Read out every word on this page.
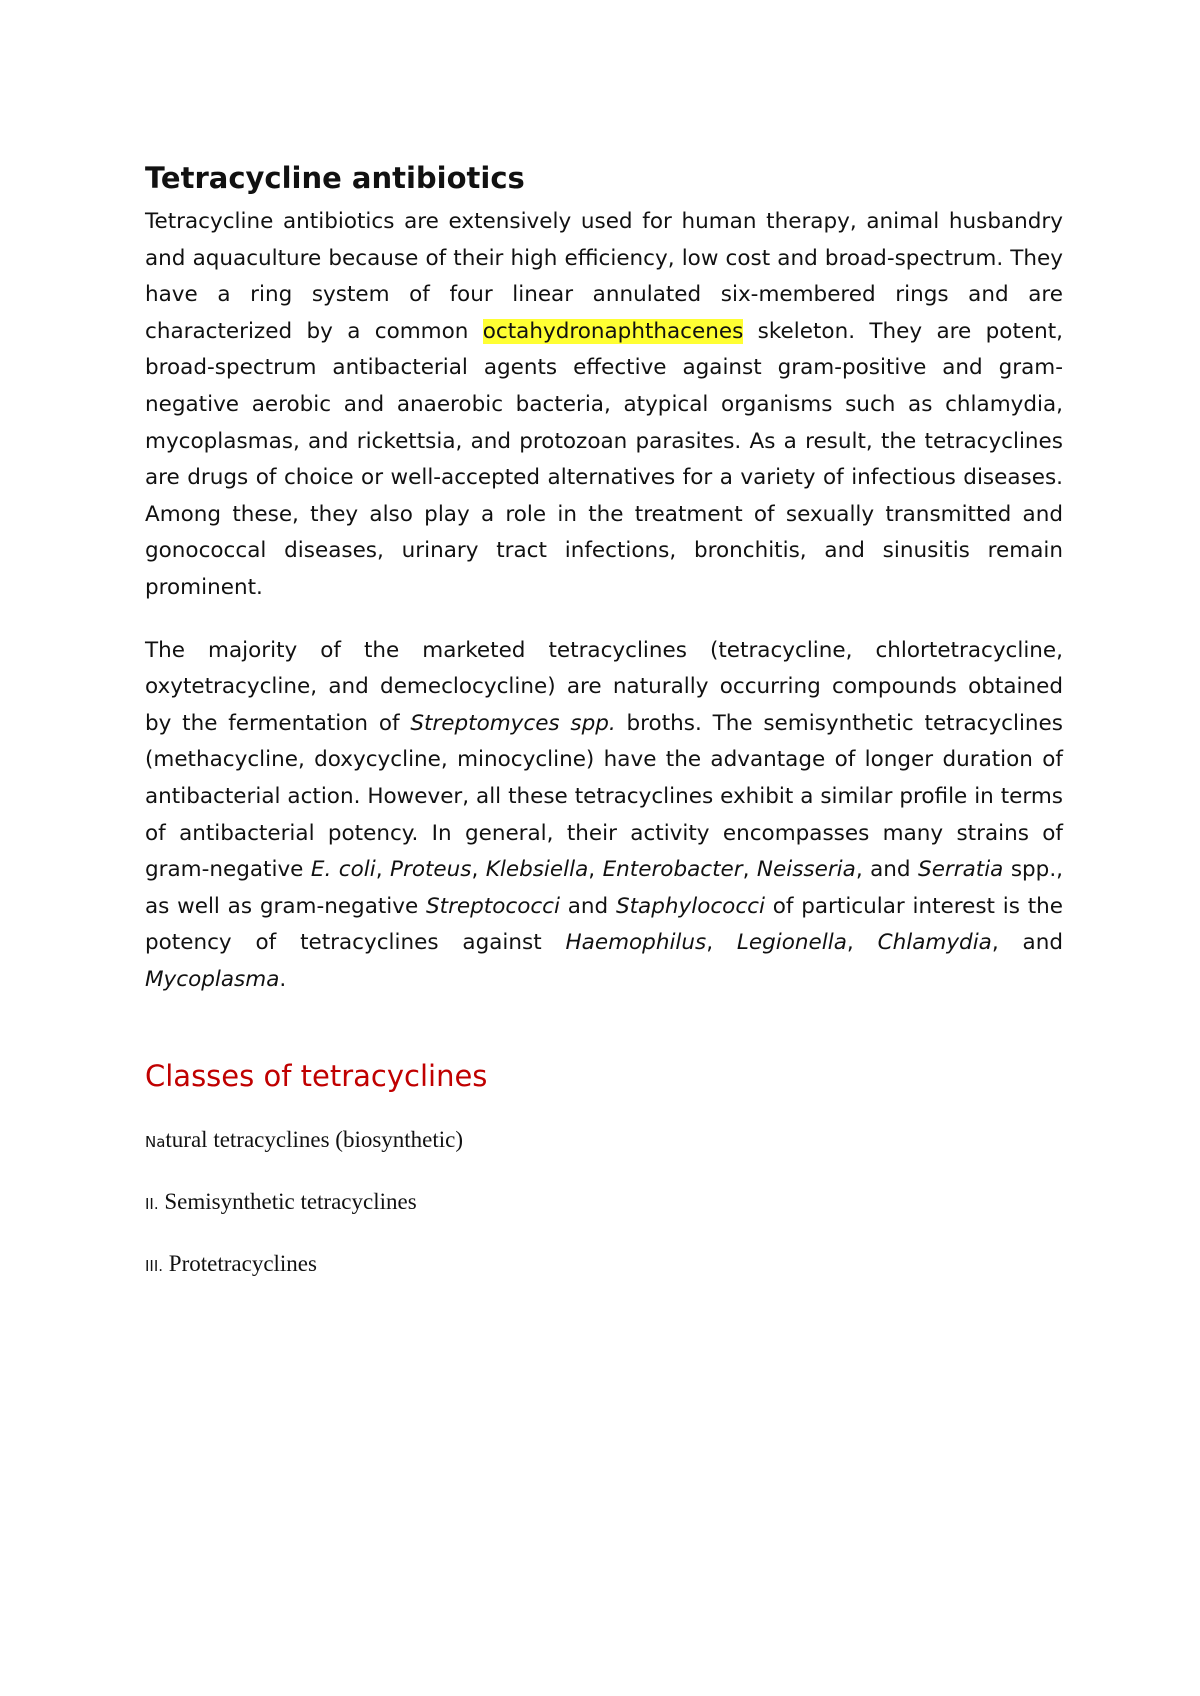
Tetracycline antibiotics

Tetracycline antibiotics are extensively used for human therapy, animal husbandry and aquaculture because of their high efficiency, low cost and broad-spectrum. They have a ring system of four linear annulated six-membered rings and are characterized by a common octahydronaphthacenes skeleton. They are potent, broad-spectrum antibacterial agents effective against gram-positive and gram-negative aerobic and anaerobic bacteria, atypical organisms such as chlamydia, mycoplasmas, and rickettsia, and protozoan parasites. As a result, the tetracyclines are drugs of choice or well-accepted alternatives for a variety of infectious diseases. Among these, they also play a role in the treatment of sexually transmitted and gonococcal diseases, urinary tract infections, bronchitis, and sinusitis remain prominent.

The majority of the marketed tetracyclines (tetracycline, chlortetracycline, oxytetracycline, and demeclocycline) are naturally occurring compounds obtained by the fermentation of Streptomyces spp. broths. The semisynthetic tetracyclines (methacycline, doxycycline, minocycline) have the advantage of longer duration of antibacterial action. However, all these tetracyclines exhibit a similar profile in terms of antibacterial potency. In general, their activity encompasses many strains of gram-negative E. coli, Proteus, Klebsiella, Enterobacter, Neisseria, and Serratia spp., as well as gram-negative Streptococci and Staphylococci of particular interest is the potency of tetracyclines against Haemophilus, Legionella, Chlamydia, and Mycoplasma.

Classes of tetracyclines
Natural tetracyclines (biosynthetic)
II. Semisynthetic tetracyclines
III. Protetracyclines
